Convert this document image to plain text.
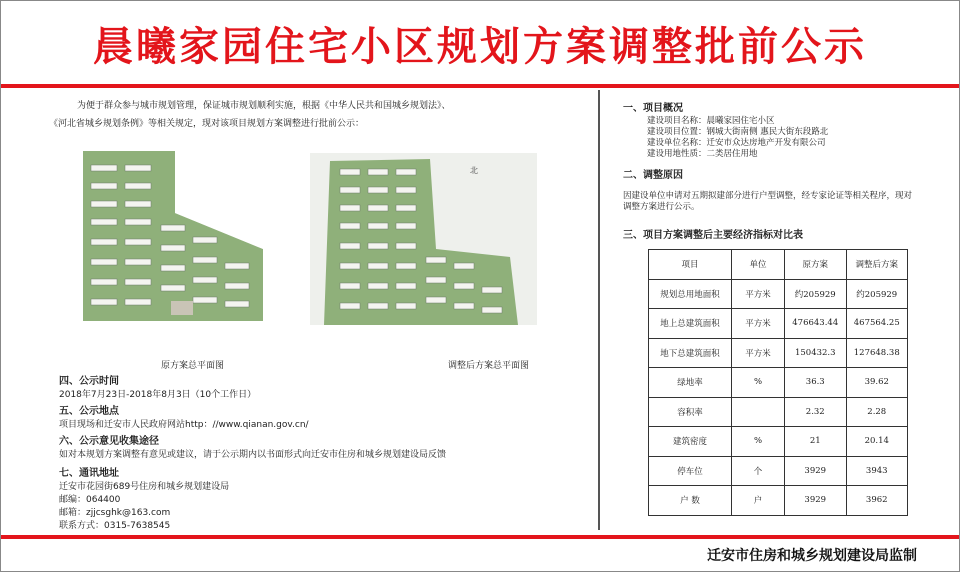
晨曦家园住宅小区规划方案调整批前公示
为便于群众参与城市规划管理，保证城市规划顺利实施，根据《中华人民共和国城乡规划法》、
《河北省城乡规划条例》等相关规定，现对该项目规划方案调整进行批前公示：
原方案总平面图
北
调整后方案总平面图
四、公示时间
2018年7月23日-2018年8月3日（10个工作日）
五、公示地点
项目现场和迁安市人民政府网站http：//www.qianan.gov.cn/
六、公示意见收集途径
如对本规划方案调整有意见或建议，请于公示期内以书面形式向迁安市住房和城乡规划建设局反馈
七、通讯地址
迁安市花园街689号住房和城乡规划建设局
邮编：064400
邮箱：zjjcsghk@163.com
联系方式：0315-7638545
一、项目概况
建设项目名称：晨曦家园住宅小区
建设项目位置：钢城大街南侧 惠民大街东段路北
建设单位名称：迁安市众达房地产开发有限公司
建设用地性质：二类居住用地
二、调整原因
因建设单位申请对五期拟建部分进行户型调整，经专家论证等相关程序，现对调整方案进行公示。
三、项目方案调整后主要经济指标对比表
项目	单位	原方案	调整后方案
规划总用地面积	平方米	约205929	约205929
地上总建筑面积	平方米	476643.44	467564.25
地下总建筑面积	平方米	150432.3	127648.38
绿地率	%	36.3	39.62
容积率		2.32	2.28
建筑密度	%	21	20.14
停车位	个	3929	3943
户 数	户	3929	3962
迁安市住房和城乡规划建设局监制
